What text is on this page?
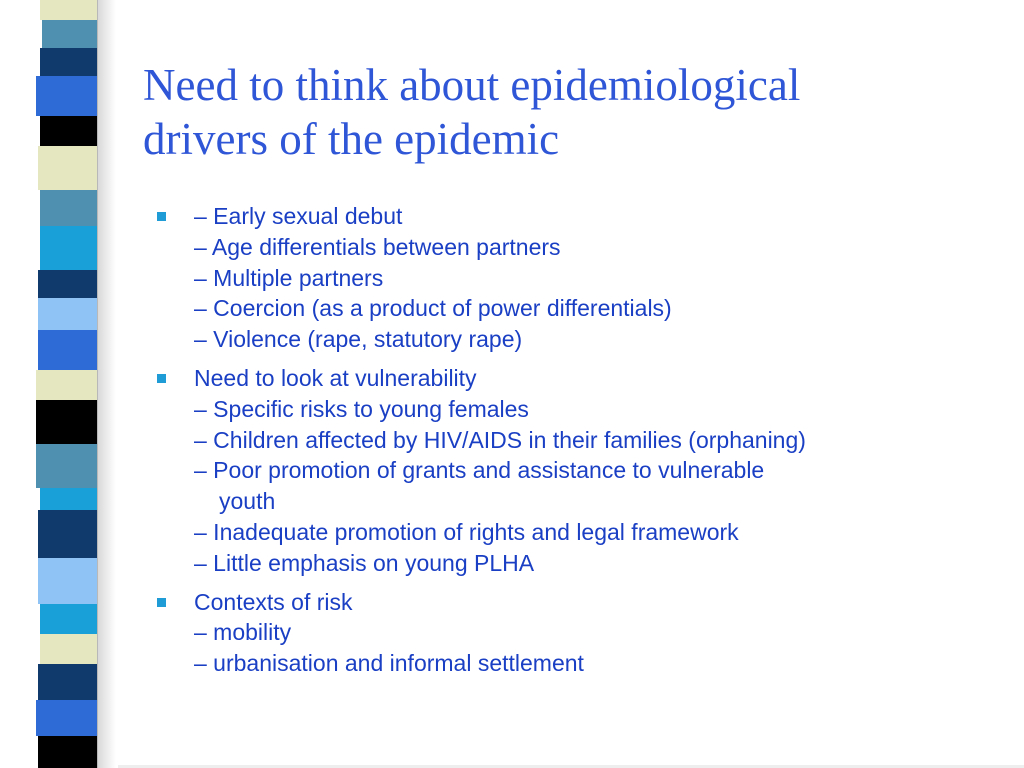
Need to think about epidemiological
drivers of the epidemic
– Early sexual debut
– Age differentials between partners
– Multiple partners
– Coercion (as a product of power differentials)
– Violence (rape, statutory rape)
Need to look at vulnerability
– Specific risks to young females
– Children affected by HIV/AIDS in their families (orphaning)
– Poor promotion of grants and assistance to vulnerable
youth
– Inadequate promotion of rights and legal framework
– Little emphasis on young PLHA
Contexts of risk
– mobility
– urbanisation and informal settlement
